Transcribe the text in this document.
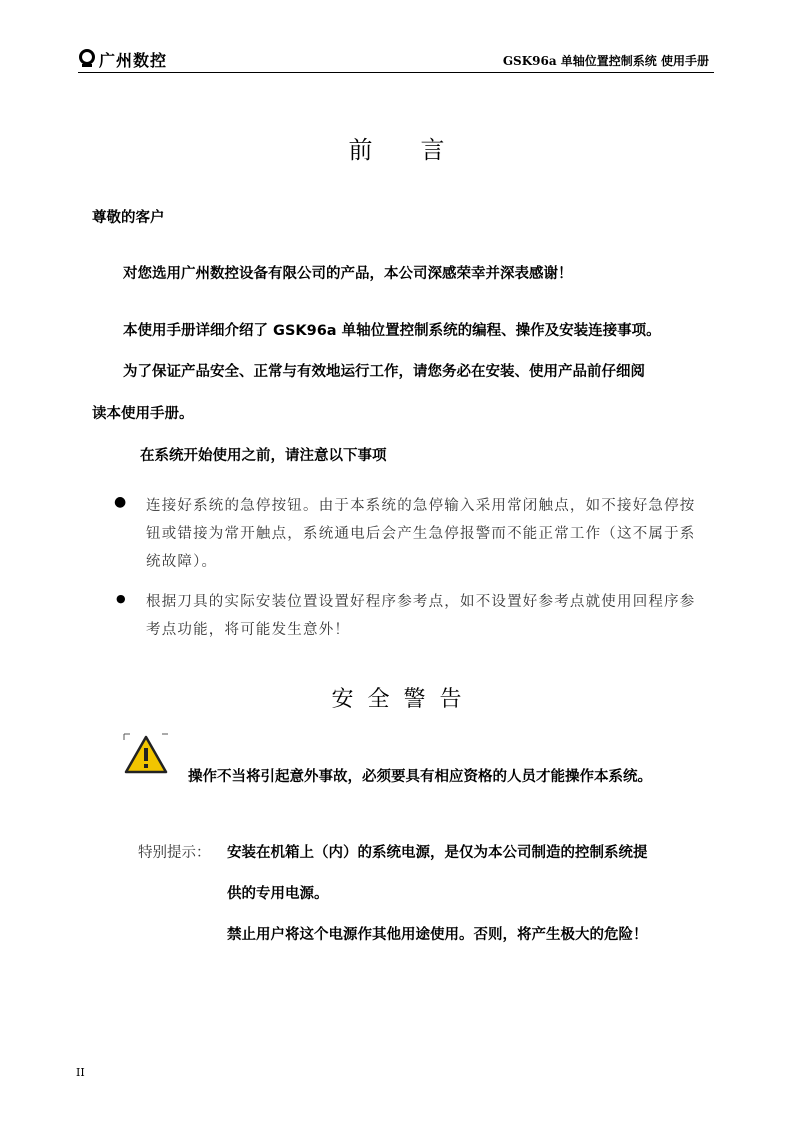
广州数控	GSK96a 单轴位置控制系统 使用手册
前言
尊敬的客户
对您选用广州数控设备有限公司的产品，本公司深感荣幸并深表感谢！
本使用手册详细介绍了 GSK96a 单轴位置控制系统的编程、操作及安装连接事项。
为了保证产品安全、正常与有效地运行工作，请您务必在安装、使用产品前仔细阅
读本使用手册。
在系统开始使用之前，请注意以下事项
● 连接好系统的急停按钮。由于本系统的急停输入采用常闭触点，如不接好急停按
钮或错接为常开触点，系统通电后会产生急停报警而不能正常工作（这不属于系
统故障）。
● 根据刀具的实际安装位置设置好程序参考点，如不设置好参考点就使用回程序参
考点功能，将可能发生意外！
安全警告
操作不当将引起意外事故，必须要具有相应资格的人员才能操作本系统。
特别提示： 安装在机箱上（内）的系统电源，是仅为本公司制造的控制系统提
供的专用电源。
禁止用户将这个电源作其他用途使用。否则，将产生极大的危险！
II
